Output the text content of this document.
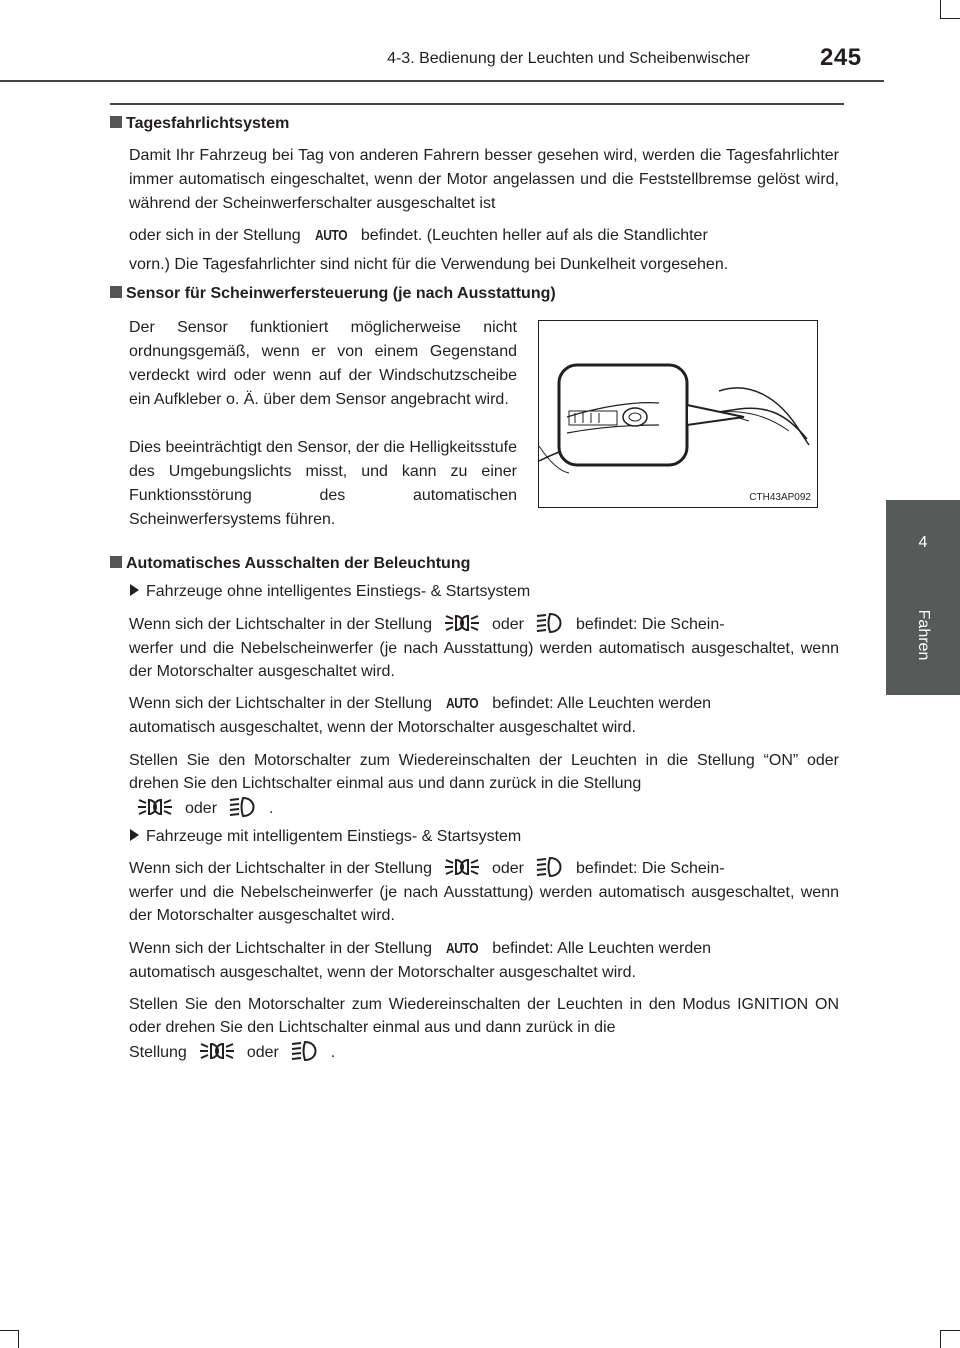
4-3. Bedienung der Leuchten und Scheibenwischer	245
4
Fahren
Tagesfahrlichtsystem
Damit Ihr Fahrzeug bei Tag von anderen Fahrern besser gesehen wird, werden die Tagesfahrlichter immer automatisch eingeschaltet, wenn der Motor angelassen und die Feststellbremse gelöst wird, während der Scheinwerferschalter ausgeschaltet ist
oder sich in der Stellung AUTO befindet. (Leuchten heller auf als die Standlichter
vorn.) Die Tagesfahrlichter sind nicht für die Verwendung bei Dunkelheit vorgesehen.
Sensor für Scheinwerfersteuerung (je nach Ausstattung)
Der Sensor funktioniert möglicherweise nicht ordnungsgemäß, wenn er von einem Gegenstand verdeckt wird oder wenn auf der Windschutzscheibe ein Aufkleber o. Ä. über dem Sensor angebracht wird.
Dies beeinträchtigt den Sensor, der die Helligkeitsstufe des Umgebungslichts misst, und kann zu einer Funktionsstörung des automatischen Scheinwerfersystems führen.
CTH43AP092
Automatisches Ausschalten der Beleuchtung
Fahrzeuge ohne intelligentes Einstiegs- & Startsystem
Wenn sich der Lichtschalter in der Stellung	oder	befindet: Die Schein-
werfer und die Nebelscheinwerfer (je nach Ausstattung) werden automatisch ausgeschaltet, wenn der Motorschalter ausgeschaltet wird.
Wenn sich der Lichtschalter in der Stellung AUTO befindet: Alle Leuchten werden
automatisch ausgeschaltet, wenn der Motorschalter ausgeschaltet wird.
Stellen Sie den Motorschalter zum Wiedereinschalten der Leuchten in die Stellung “ON” oder drehen Sie den Lichtschalter einmal aus und dann zurück in die Stellung
oder	.
Fahrzeuge mit intelligentem Einstiegs- & Startsystem
Wenn sich der Lichtschalter in der Stellung	oder	befindet: Die Schein-
werfer und die Nebelscheinwerfer (je nach Ausstattung) werden automatisch ausgeschaltet, wenn der Motorschalter ausgeschaltet wird.
Wenn sich der Lichtschalter in der Stellung AUTO befindet: Alle Leuchten werden
automatisch ausgeschaltet, wenn der Motorschalter ausgeschaltet wird.
Stellen Sie den Motorschalter zum Wiedereinschalten der Leuchten in den Modus IGNITION ON oder drehen Sie den Lichtschalter einmal aus und dann zurück in die
Stellung	oder	.
